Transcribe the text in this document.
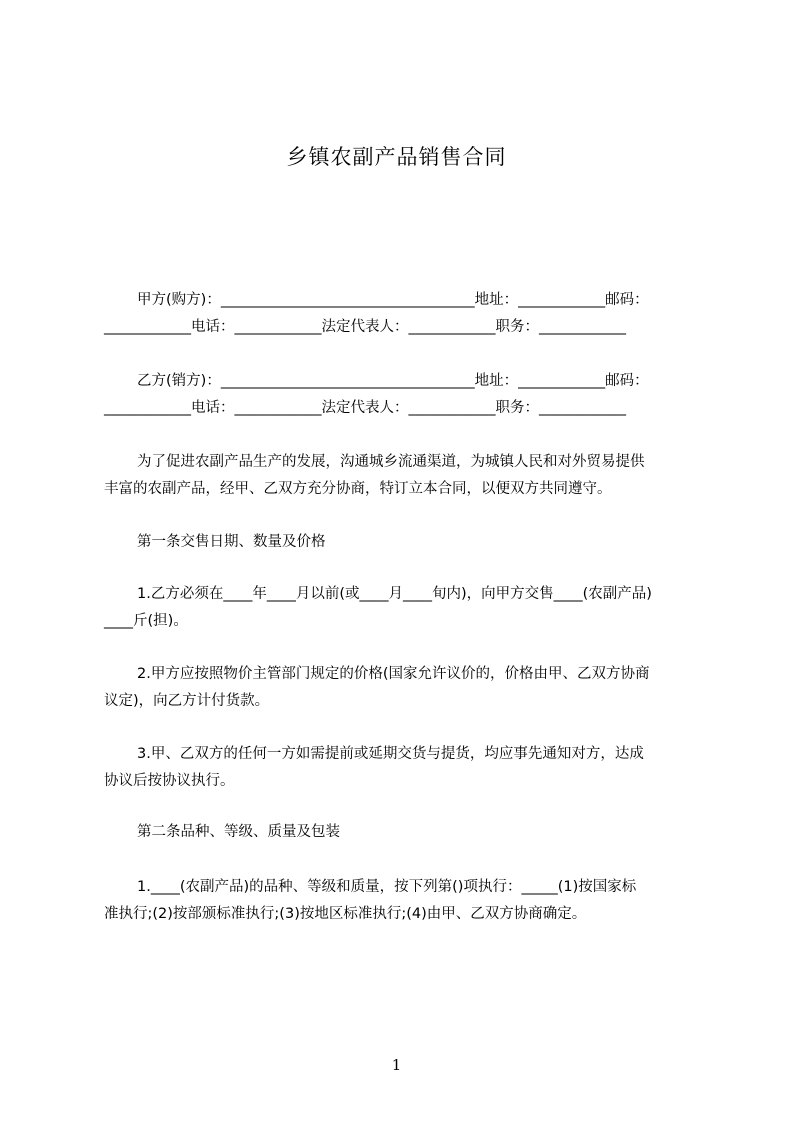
乡镇农副产品销售合同
甲方(购方)：___________________________________地址：____________邮码：
____________电话：____________法定代表人：____________职务：____________
乙方(销方)：___________________________________地址：____________邮码：
____________电话：____________法定代表人：____________职务：____________
为了促进农副产品生产的发展，沟通城乡流通渠道，为城镇人民和对外贸易提供
丰富的农副产品，经甲、乙双方充分协商，特订立本合同，以便双方共同遵守。
第一条交售日期、数量及价格
1.乙方必须在____年____月以前(或____月____旬内)，向甲方交售____(农副产品)
____斤(担)。
2.甲方应按照物价主管部门规定的价格(国家允许议价的，价格由甲、乙双方协商
议定)，向乙方计付货款。
3.甲、乙双方的任何一方如需提前或延期交货与提货，均应事先通知对方，达成
协议后按协议执行。
第二条品种、等级、质量及包装
1.____(农副产品)的品种、等级和质量，按下列第()项执行：_____(1)按国家标
准执行;(2)按部颁标准执行;(3)按地区标准执行;(4)由甲、乙双方协商确定。
1
